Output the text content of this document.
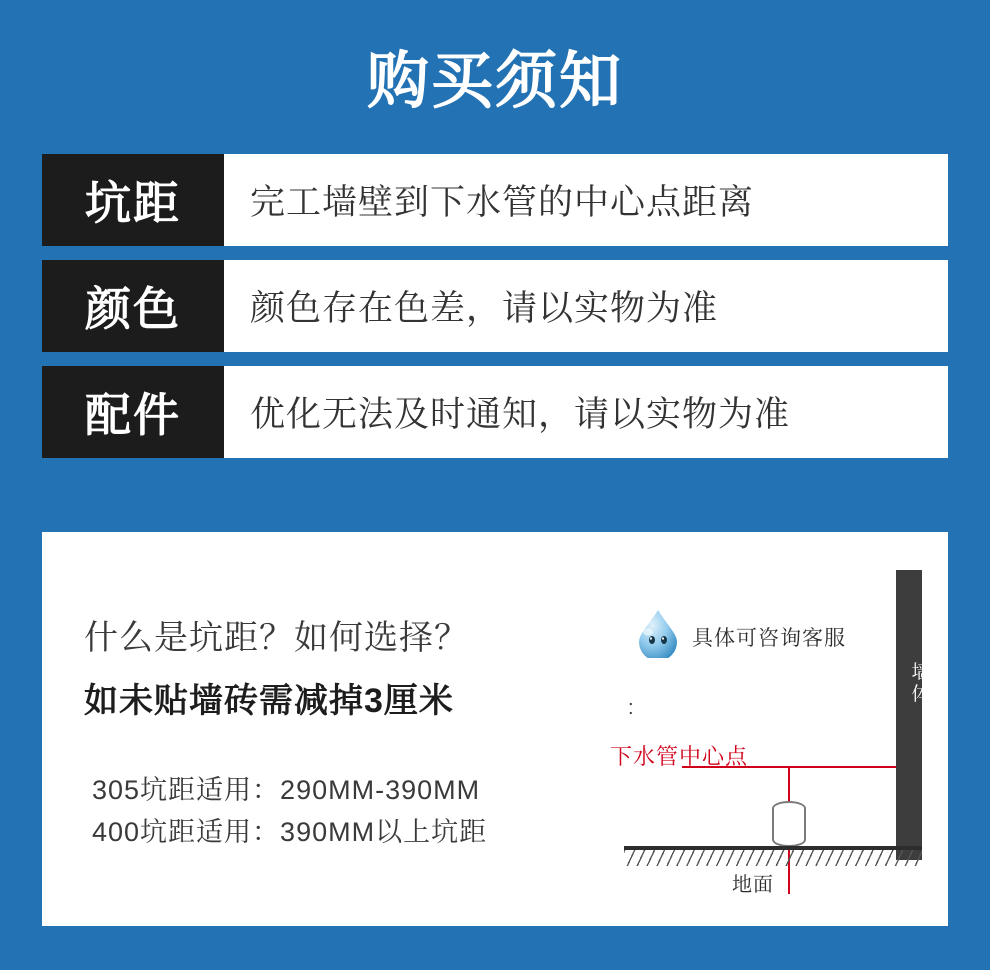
购买须知
坑距	完工墙壁到下水管的中心点距离
颜色	颜色存在色差，请以实物为准
配件	优化无法及时通知，请以实物为准
什么是坑距？如何选择？
如未贴墙砖需减掉3厘米
305坑距适用：290MM-390MM
400坑距适用：390MM以上坑距
:
具体可咨询客服
下水管中心点
墙体
地面
